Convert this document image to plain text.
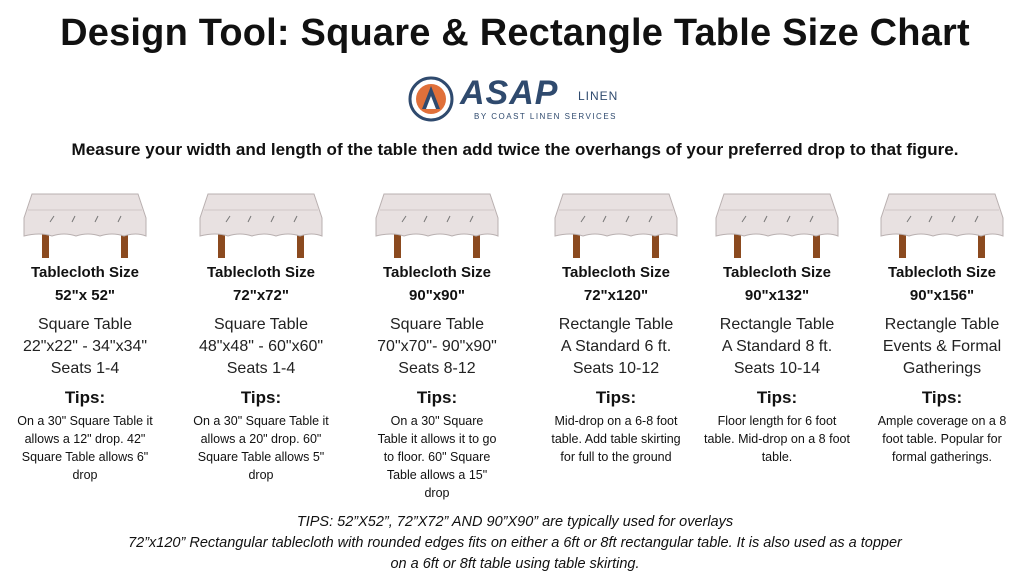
Design Tool: Square & Rectangle Table Size Chart
ASAP LINEN
BY COAST LINEN SERVICES
Measure your width and length of the table then add twice the overhangs of your preferred drop to that figure.
Tablecloth Size
52"x 52"
Square Table
22"x22" - 34"x34"
Seats 1-4
Tips:
On a 30" Square Table it allows a 12" drop. 42" Square Table allows 6" drop
Tablecloth Size
72"x72"
Square Table
48"x48" - 60"x60"
Seats 1-4
Tips:
On a 30" Square Table it allows a 20" drop. 60" Square Table allows 5" drop
Tablecloth Size
90"x90"
Square Table
70"x70"- 90"x90"
Seats 8-12
Tips:
On a 30" Square Table it allows it to go to floor. 60" Square Table allows a 15" drop
Tablecloth Size
72"x120"
Rectangle Table
A Standard 6 ft.
Seats 10-12
Tips:
Mid-drop on a 6-8 foot table. Add table skirting for full to the ground
Tablecloth Size
90"x132"
Rectangle Table
A Standard 8 ft.
Seats 10-14
Tips:
Floor length for 6 foot table. Mid-drop on a 8 foot table.
Tablecloth Size
90"x156"
Rectangle Table
Events & Formal
Gatherings
Tips:
Ample coverage on a 8 foot table. Popular for formal gatherings.
TIPS: 52”X52”, 72”X72” AND 90”X90” are typically used for overlays
72”x120” Rectangular tablecloth with rounded edges fits on either a 6ft or 8ft rectangular table. It is also used as a topper
on a 6ft or 8ft table using table skirting.
